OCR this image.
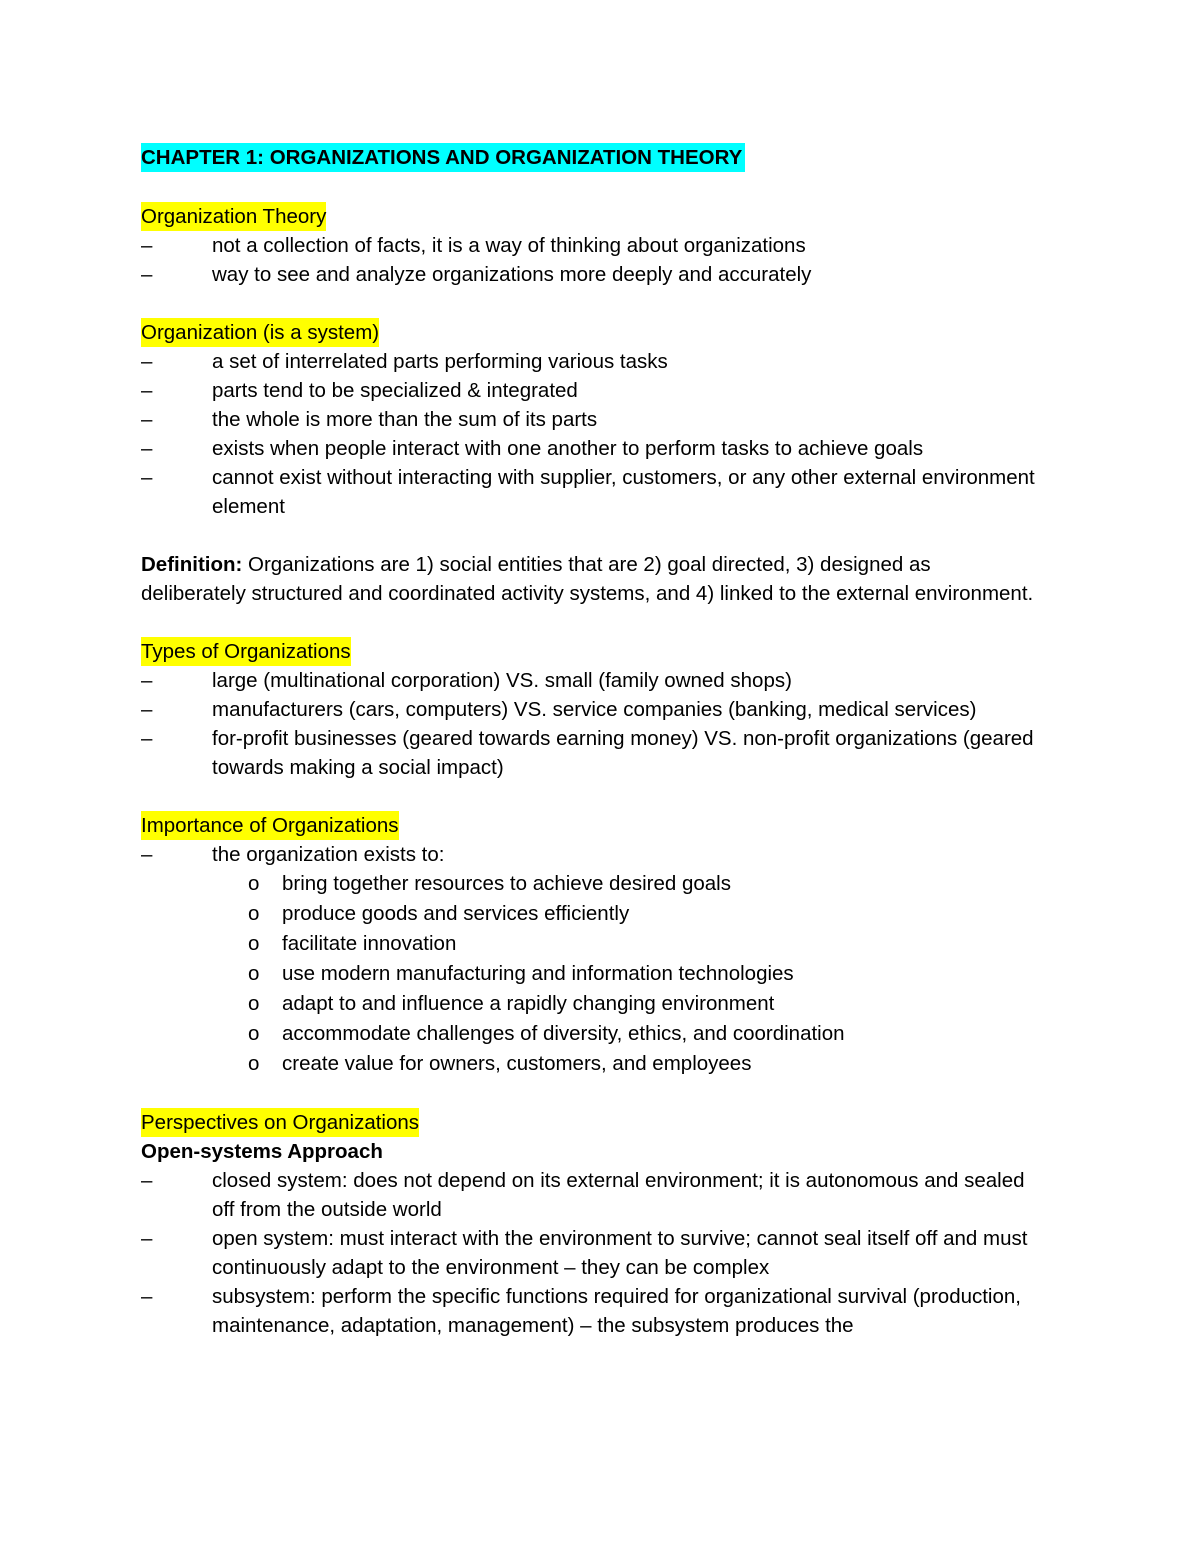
CHAPTER 1: ORGANIZATIONS AND ORGANIZATION THEORY
Organization Theory
–	not a collection of facts, it is a way of thinking about organizations
–	way to see and analyze organizations more deeply and accurately
Organization (is a system)
–	a set of interrelated parts performing various tasks
–	parts tend to be specialized & integrated
–	the whole is more than the sum of its parts
–	exists when people interact with one another to perform tasks to achieve goals
–	cannot exist without interacting with supplier, customers, or any other external environment element

Definition: Organizations are 1) social entities that are 2) goal directed, 3) designed as deliberately structured and coordinated activity systems, and 4) linked to the external environment.

Types of Organizations
–	large (multinational corporation) VS. small (family owned shops)
–	manufacturers (cars, computers) VS. service companies (banking, medical services)
–	for-profit businesses (geared towards earning money) VS. non-profit organizations (geared towards making a social impact)
Importance of Organizations
–	the organization exists to:
o bring together resources to achieve desired goals
o produce goods and services efficiently
o facilitate innovation
o use modern manufacturing and information technologies
o adapt to and influence a rapidly changing environment
o accommodate challenges of diversity, ethics, and coordination
o create value for owners, customers, and employees
Perspectives on Organizations
Open-systems Approach
–	closed system: does not depend on its external environment; it is autonomous and sealed off from the outside world
–	open system: must interact with the environment to survive; cannot seal itself off and must continuously adapt to the environment – they can be complex
–	subsystem: perform the specific functions required for organizational survival (production, maintenance, adaptation, management) – the subsystem produces the
